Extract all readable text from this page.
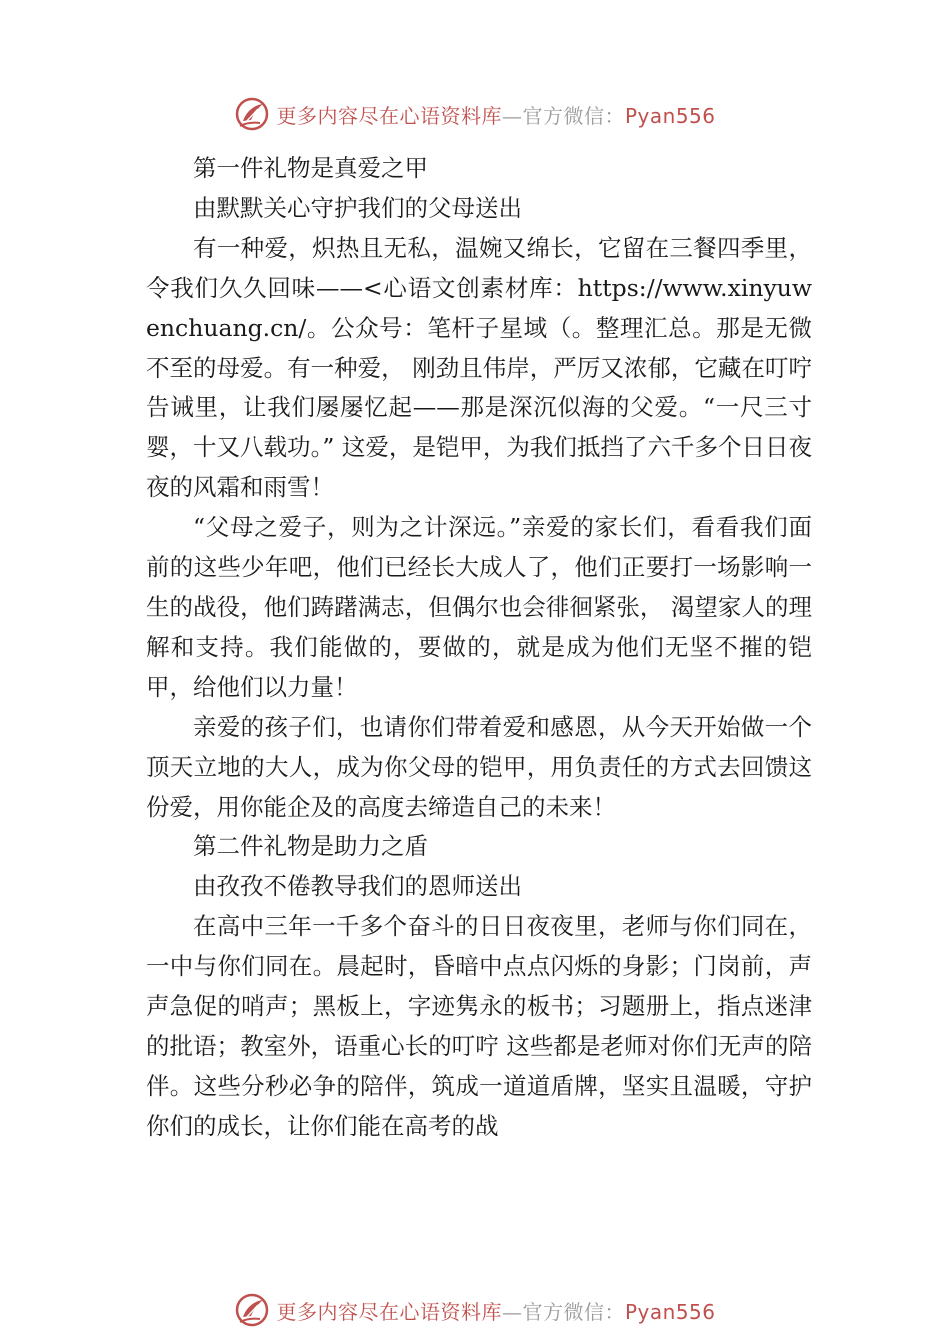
更多内容尽在心语资料库—官方微信：Pyan556

第一件礼物是真爱之甲

由默默关心守护我们的父母送出

有一种爱，炽热且无私，温婉又绵长，它留在三餐四季里，令我们久久回味——<心语文创素材库：https://www.xinyuwenchuang.cn/。公众号：笔杆子星域（。整理汇总。那是无微不至的母爱。有一种爱， 刚劲且伟岸，严厉又浓郁，它藏在叮咛告诫里，让我们屡屡忆起——那是深沉似海的父爱。“一尺三寸婴，十又八载功。” 这爱，是铠甲，为我们抵挡了六千多个日日夜夜的风霜和雨雪！

“父母之爱子，则为之计深远。”亲爱的家长们，看看我们面前的这些少年吧，他们已经长大成人了，他们正要打一场影响一生的战役，他们踌躇满志，但偶尔也会徘徊紧张， 渴望家人的理解和支持。我们能做的，要做的，就是成为他们无坚不摧的铠甲，给他们以力量！

亲爱的孩子们，也请你们带着爱和感恩，从今天开始做一个顶天立地的大人，成为你父母的铠甲，用负责任的方式去回馈这份爱，用你能企及的高度去缔造自己的未来！

第二件礼物是助力之盾

由孜孜不倦教导我们的恩师送出

在高中三年一千多个奋斗的日日夜夜里，老师与你们同在，一中与你们同在。晨起时，昏暗中点点闪烁的身影；门岗前，声声急促的哨声；黑板上，字迹隽永的板书；习题册上，指点迷津的批语；教室外，语重心长的叮咛 这些都是老师对你们无声的陪伴。这些分秒必争的陪伴，筑成一道道盾牌，坚实且温暖，守护你们的成长，让你们能在高考的战

更多内容尽在心语资料库—官方微信：Pyan556
